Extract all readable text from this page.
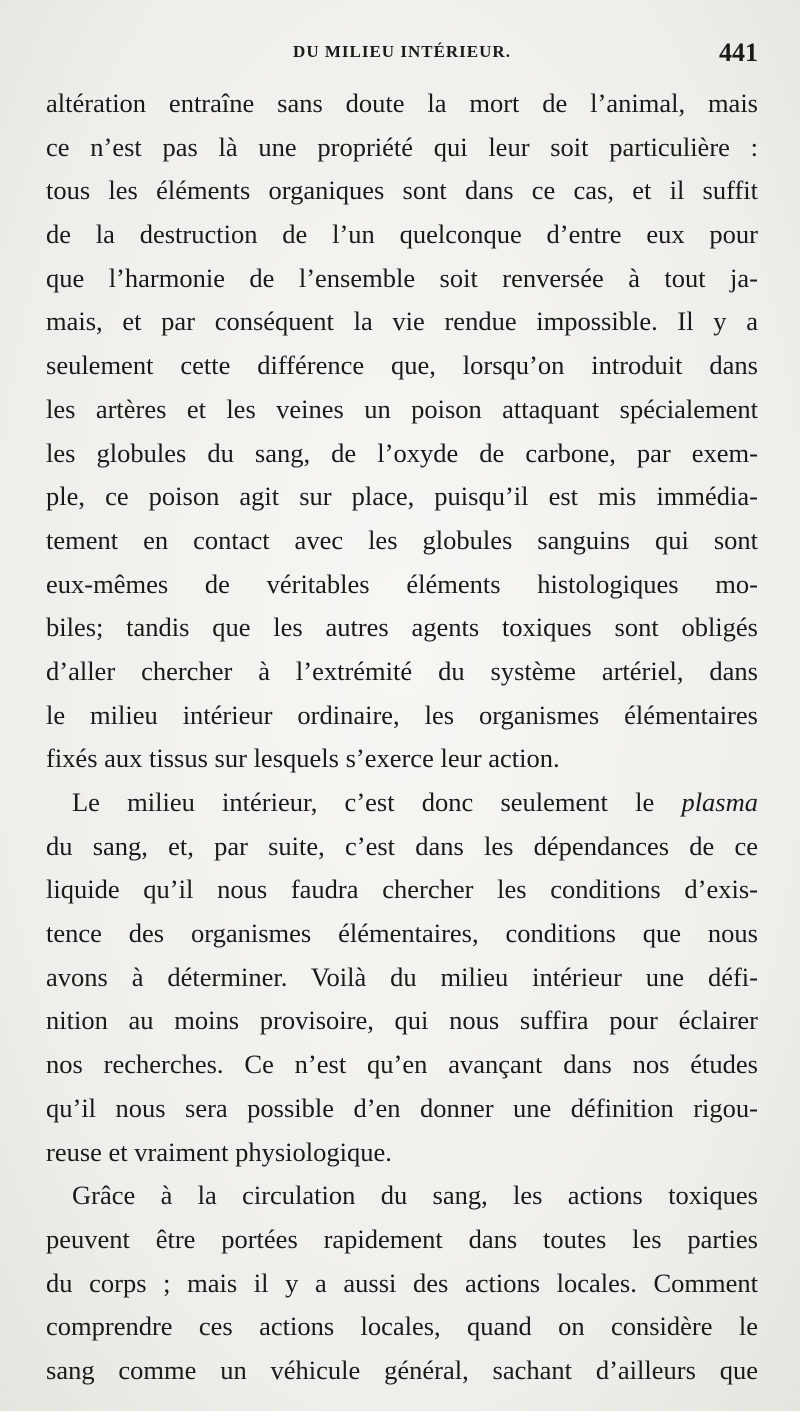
DU MILIEU INTÉRIEUR.	441
altération entraîne sans doute la mort de l’animal, mais
ce n’est pas là une propriété qui leur soit particulière :
tous les éléments organiques sont dans ce cas, et il suffit
de la destruction de l’un quelconque d’entre eux pour
que l’harmonie de l’ensemble soit renversée à tout ja-
mais, et par conséquent la vie rendue impossible. Il y a
seulement cette différence que, lorsqu’on introduit dans
les artères et les veines un poison attaquant spécialement
les globules du sang, de l’oxyde de carbone, par exem-
ple, ce poison agit sur place, puisqu’il est mis immédia-
tement en contact avec les globules sanguins qui sont
eux-mêmes de véritables éléments histologiques mo-
biles; tandis que les autres agents toxiques sont obligés
d’aller chercher à l’extrémité du système artériel, dans
le milieu intérieur ordinaire, les organismes élémentaires
fixés aux tissus sur lesquels s’exerce leur action.
Le milieu intérieur, c’est donc seulement le plasma
du sang, et, par suite, c’est dans les dépendances de ce
liquide qu’il nous faudra chercher les conditions d’exis-
tence des organismes élémentaires, conditions que nous
avons à déterminer. Voilà du milieu intérieur une défi-
nition au moins provisoire, qui nous suffira pour éclairer
nos recherches. Ce n’est qu’en avançant dans nos études
qu’il nous sera possible d’en donner une définition rigou-
reuse et vraiment physiologique.
Grâce à la circulation du sang, les actions toxiques
peuvent être portées rapidement dans toutes les parties
du corps ; mais il y a aussi des actions locales. Comment
comprendre ces actions locales, quand on considère le
sang comme un véhicule général, sachant d’ailleurs que
